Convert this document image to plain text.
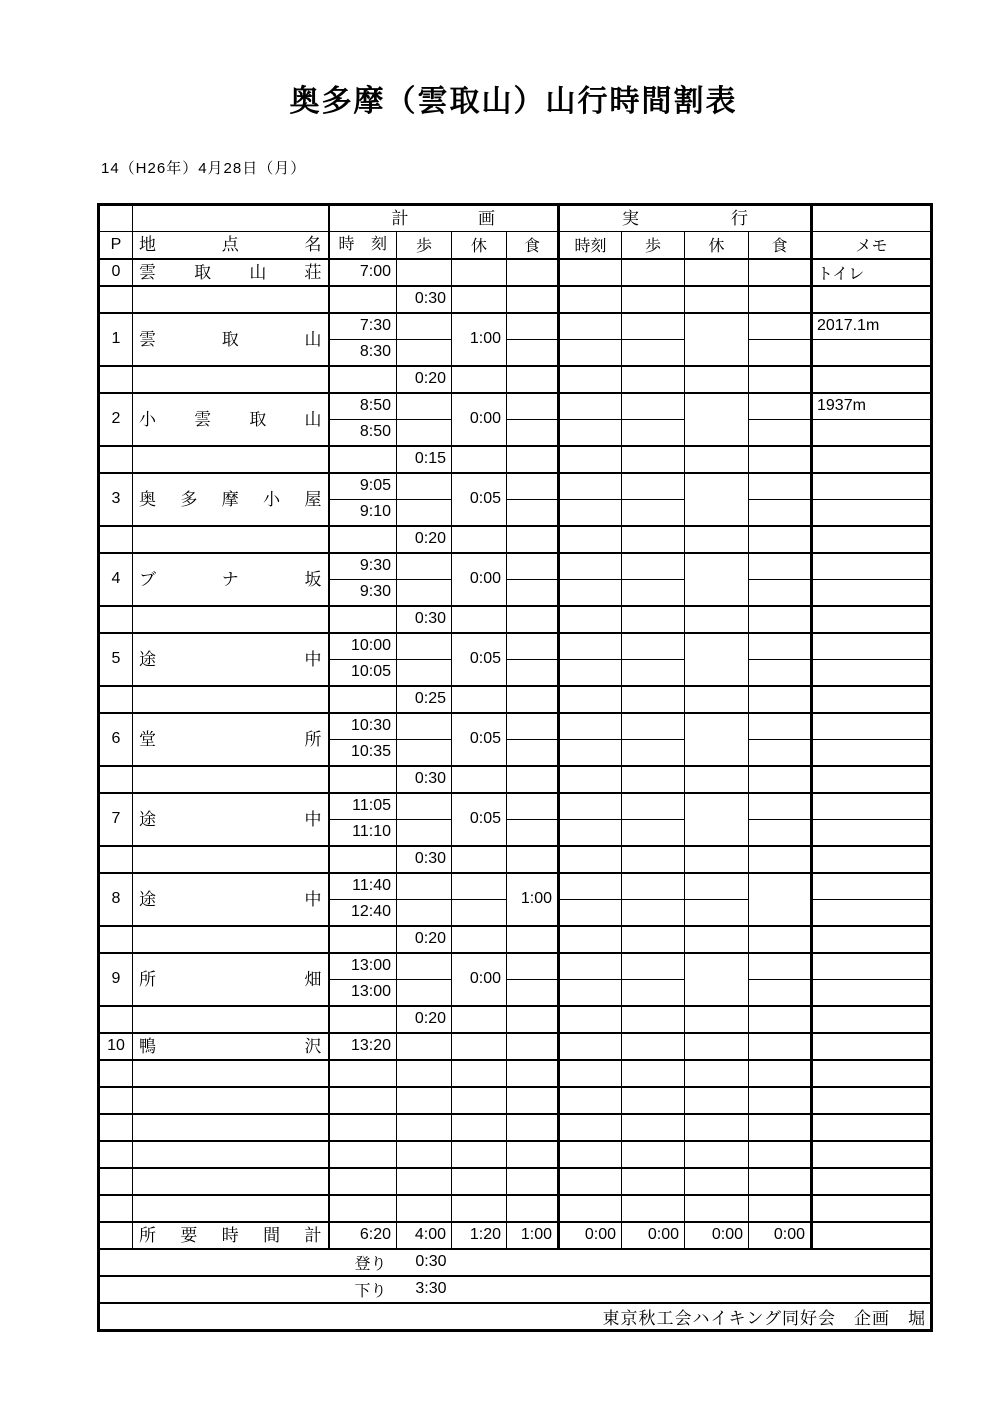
奥多摩（雲取山）山行時間割表
14（H26年）4月28日（月）

		計 画				実 行				

P	地 点 名	時 刻	歩	休	食	時刻	歩	休	食	メモ
0	雲 取 山 荘	7:00								トイレ
			0:30							
1	雲 取 山	7:30		1:00						2017.1m
		8:30								
			0:20							
2	小 雲 取 山	8:50		0:00						1937m
		8:50								
			0:15							
3	奥 多 摩 小 屋	9:05		0:05						
		9:10								
			0:20							
4	ブ ナ 坂	9:30		0:00						
		9:30								
			0:30							
5	途 中	10:00		0:05						
		10:05								
			0:25							
6	堂 所	10:30		0:05						
		10:35								
			0:30							
7	途 中	11:05		0:05						
		11:10								
			0:30							
8	途 中	11:40			1:00					
		12:40								
			0:20							
9	所 畑	13:00		0:00						
		13:00								
			0:20							
10	鴨 沢	13:20								

	所 要 時 間 計	6:20	4:00	1:20	1:00	0:00	0:00	0:00	0:00	
		登り	0:30							
		下り	3:30							
東京秋工会ハイキング同好会　企画　堀										
